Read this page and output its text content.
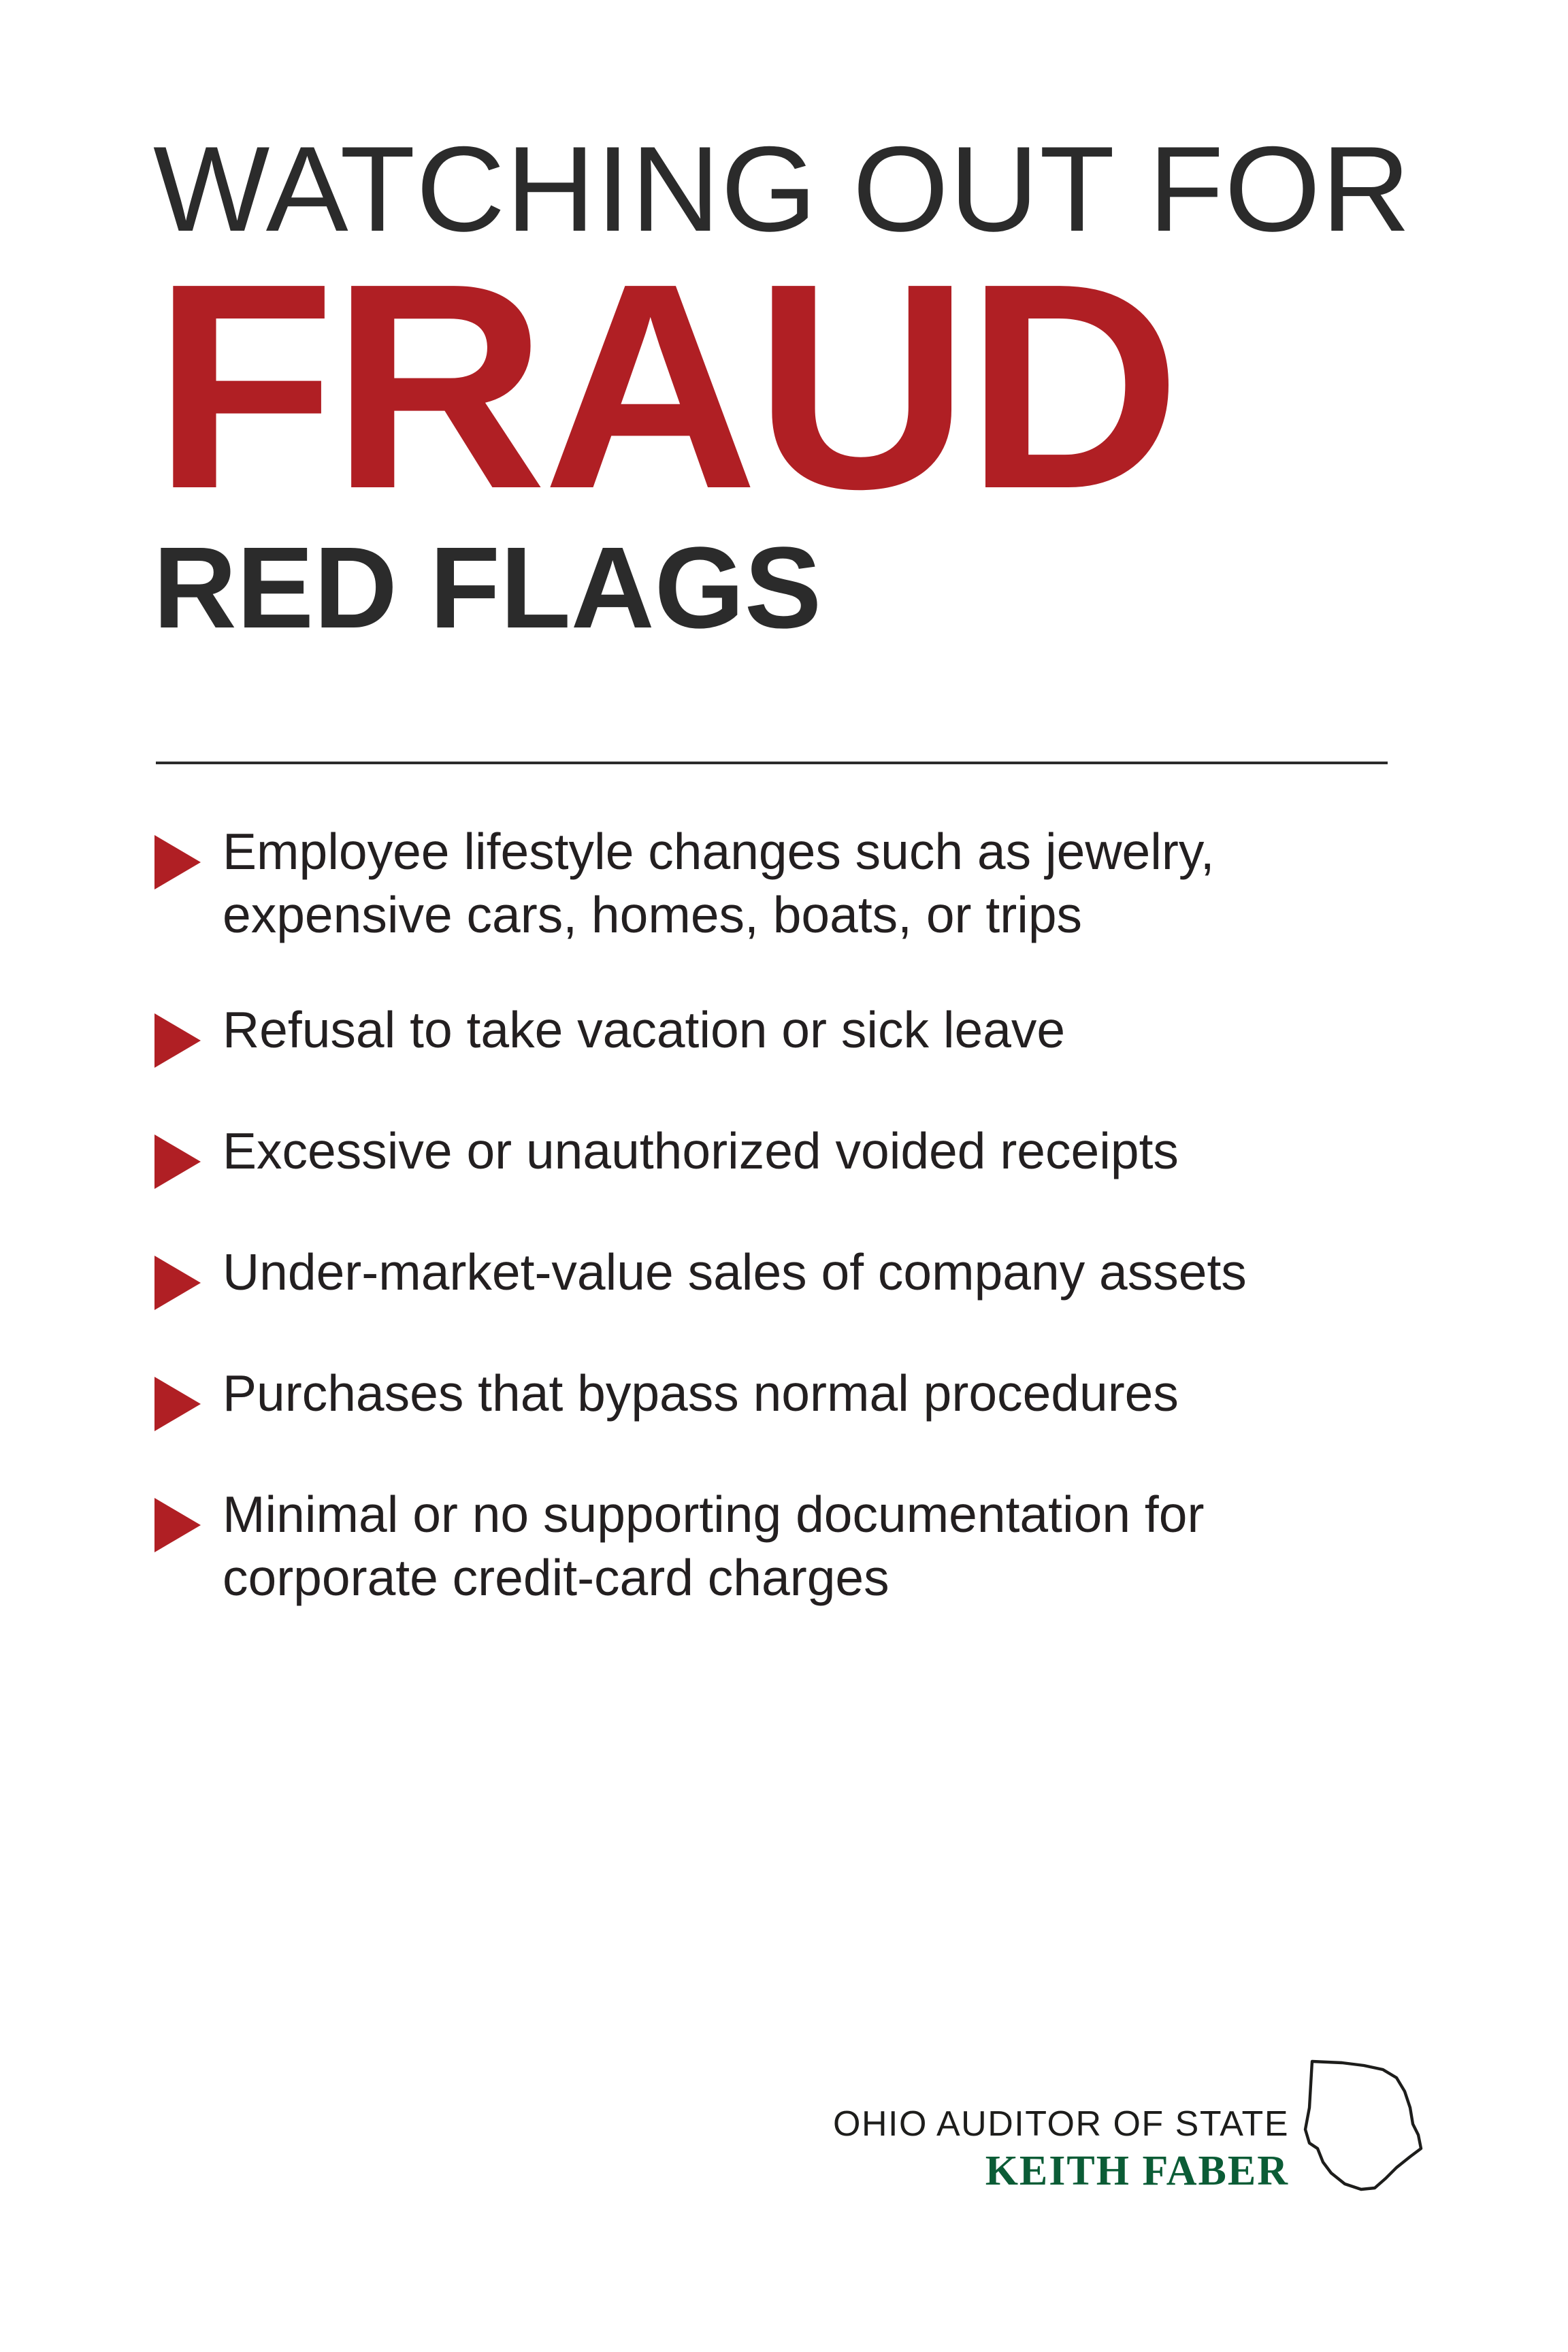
WATCHING OUT FOR
FRAUD
RED FLAGS
Employee lifestyle changes such as jewelry, expensive cars, homes, boats, or trips
Refusal to take vacation or sick leave
Excessive or unauthorized voided receipts
Under-market-value sales of company assets
Purchases that bypass normal procedures
Minimal or no supporting documentation for corporate credit-card charges
OHIO AUDITOR OF STATE
KEITH FABER
